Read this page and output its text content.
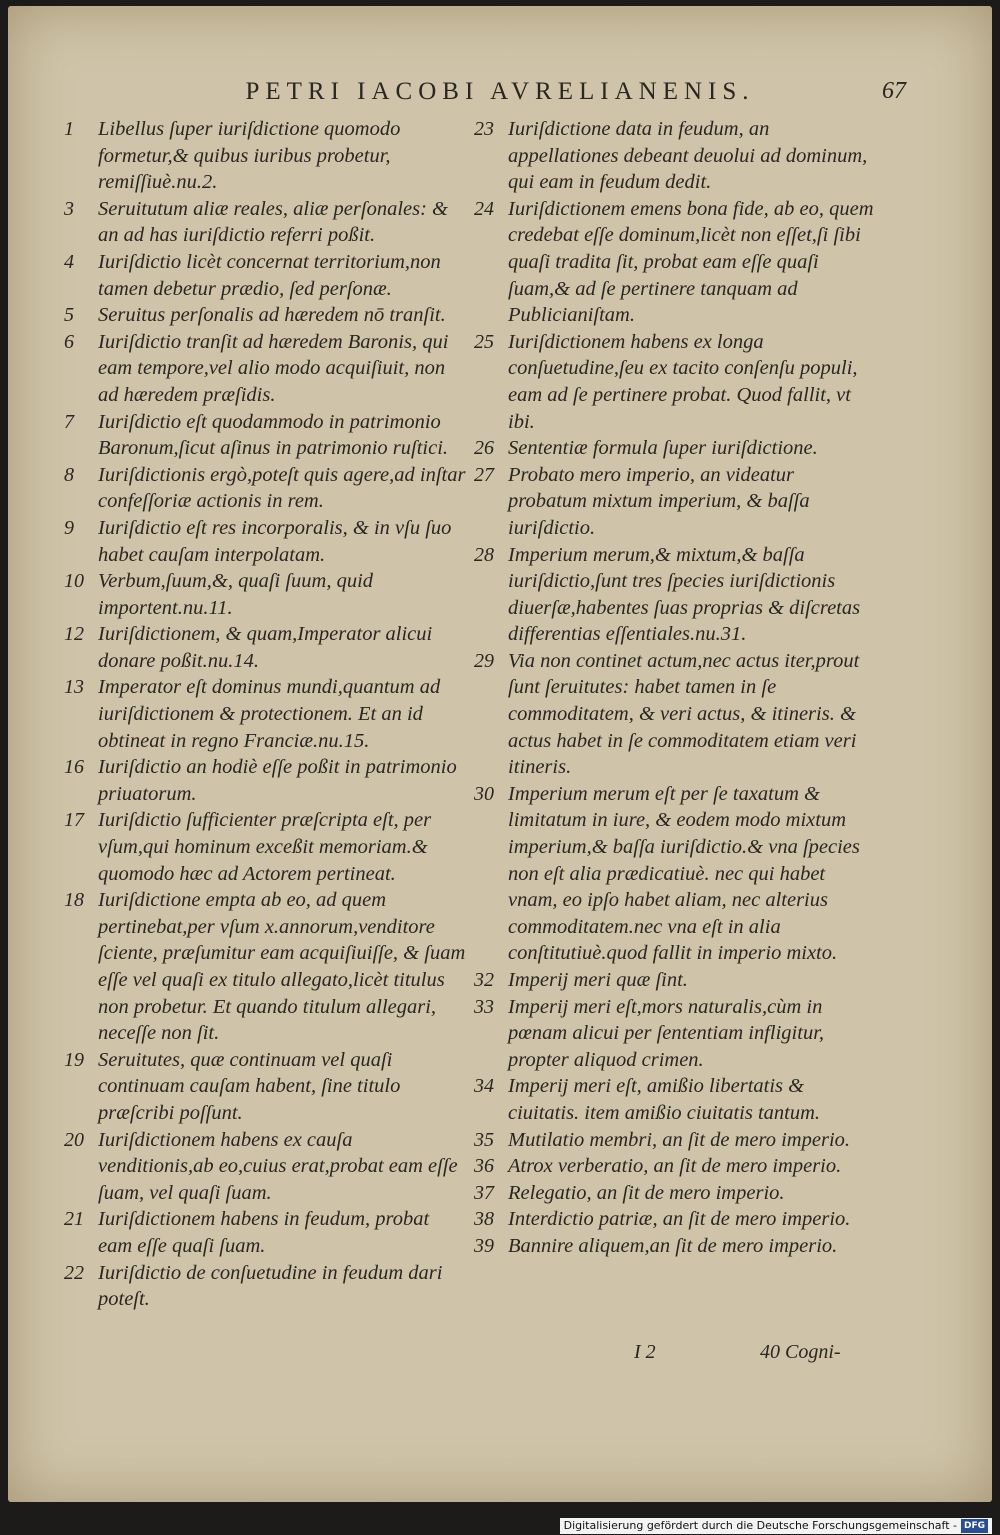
PETRI IACOBI AVRELIANENIS.	67
1	Libellus ſuper iuriſdictione quomodo formetur,& quibus iuribus probetur, remiſſiuè.nu.2.
3	Seruitutum aliæ reales, aliæ perſonales: & an ad has iuriſdictio referri poßit.
4	Iuriſdictio licèt concernat territorium,non tamen debetur prædio, ſed perſonæ.
5	Seruitus perſonalis ad hæredem nō tranſit.
6	Iuriſdictio tranſit ad hæredem Baronis, qui eam tempore,vel alio modo acquiſiuit, non ad hæredem præſidis.
7	Iuriſdictio eſt quodammodo in patrimonio Baronum,ſicut aſinus in patrimonio ruſtici.
8	Iuriſdictionis ergò,poteſt quis agere,ad inſtar confeſſoriæ actionis in rem.
9	Iuriſdictio eſt res incorporalis, & in vſu ſuo habet cauſam interpolatam.
10 Verbum,ſuum,&, quaſi ſuum, quid importent.nu.11.
12 Iuriſdictionem, & quam,Imperator alicui donare poßit.nu.14.
13 Imperator eſt dominus mundi,quantum ad iuriſdictionem & protectionem. Et an id obtineat in regno Franciæ.nu.15.
16 Iuriſdictio an hodiè eſſe poßit in patrimonio priuatorum.
17 Iuriſdictio ſufficienter præſcripta eſt, per vſum,qui hominum exceßit memoriam.& quomodo hæc ad Actorem pertineat.
18 Iuriſdictione empta ab eo, ad quem pertinebat,per vſum x.annorum,venditore ſciente, præſumitur eam acquiſiuiſſe, & ſuam eſſe vel quaſi ex titulo allegato,licèt titulus non probetur. Et quando titulum allegari, neceſſe non ſit.
19 Seruitutes, quæ continuam vel quaſi continuam cauſam habent, ſine titulo præſcribi poſſunt.
20 Iuriſdictionem habens ex cauſa venditionis,ab eo,cuius erat,probat eam eſſe ſuam, vel quaſi ſuam.
21 Iuriſdictionem habens in feudum, probat eam eſſe quaſi ſuam.
22 Iuriſdictio de conſuetudine in feudum dari poteſt.
23 Iuriſdictione data in feudum, an appellationes debeant deuolui ad dominum, qui eam in feudum dedit.
24 Iuriſdictionem emens bona fide, ab eo, quem credebat eſſe dominum,licèt non eſſet,ſi ſibi quaſi tradita ſit, probat eam eſſe quaſi ſuam,& ad ſe pertinere tanquam ad Publicianiſtam.
25 Iuriſdictionem habens ex longa conſuetudine,ſeu ex tacito conſenſu populi, eam ad ſe pertinere probat. Quod fallit, vt ibi.
26 Sententiæ formula ſuper iuriſdictione.
27 Probato mero imperio, an videatur probatum mixtum imperium, & baſſa iuriſdictio.
28 Imperium merum,& mixtum,& baſſa iuriſdictio,ſunt tres ſpecies iuriſdictionis diuerſæ,habentes ſuas proprias & diſcretas differentias eſſentiales.nu.31.
29 Via non continet actum,nec actus iter,prout ſunt ſeruitutes: habet tamen in ſe commoditatem, & veri actus, & itineris. & actus habet in ſe commoditatem etiam veri itineris.
30 Imperium merum eſt per ſe taxatum & limitatum in iure, & eodem modo mixtum imperium,& baſſa iuriſdictio.& vna ſpecies non eſt alia prædicatiuè. nec qui habet vnam, eo ipſo habet aliam, nec alterius commoditatem.nec vna eſt in alia conſtitutiuè.quod fallit in imperio mixto.
32 Imperij meri quæ ſint.
33 Imperij meri eſt,mors naturalis,cùm in pœnam alicui per ſententiam infligitur, propter aliquod crimen.
34 Imperij meri eſt, amißio libertatis & ciuitatis. item amißio ciuitatis tantum.
35 Mutilatio membri, an ſit de mero imperio.
36 Atrox verberatio, an ſit de mero imperio.
37 Relegatio, an ſit de mero imperio.
38 Interdictio patriæ, an ſit de mero imperio.
39 Bannire aliquem,an ſit de mero imperio.
I 2	40 Cogni-
Digitalisierung gefördert durch die Deutsche Forschungsgemeinschaft - DFG
